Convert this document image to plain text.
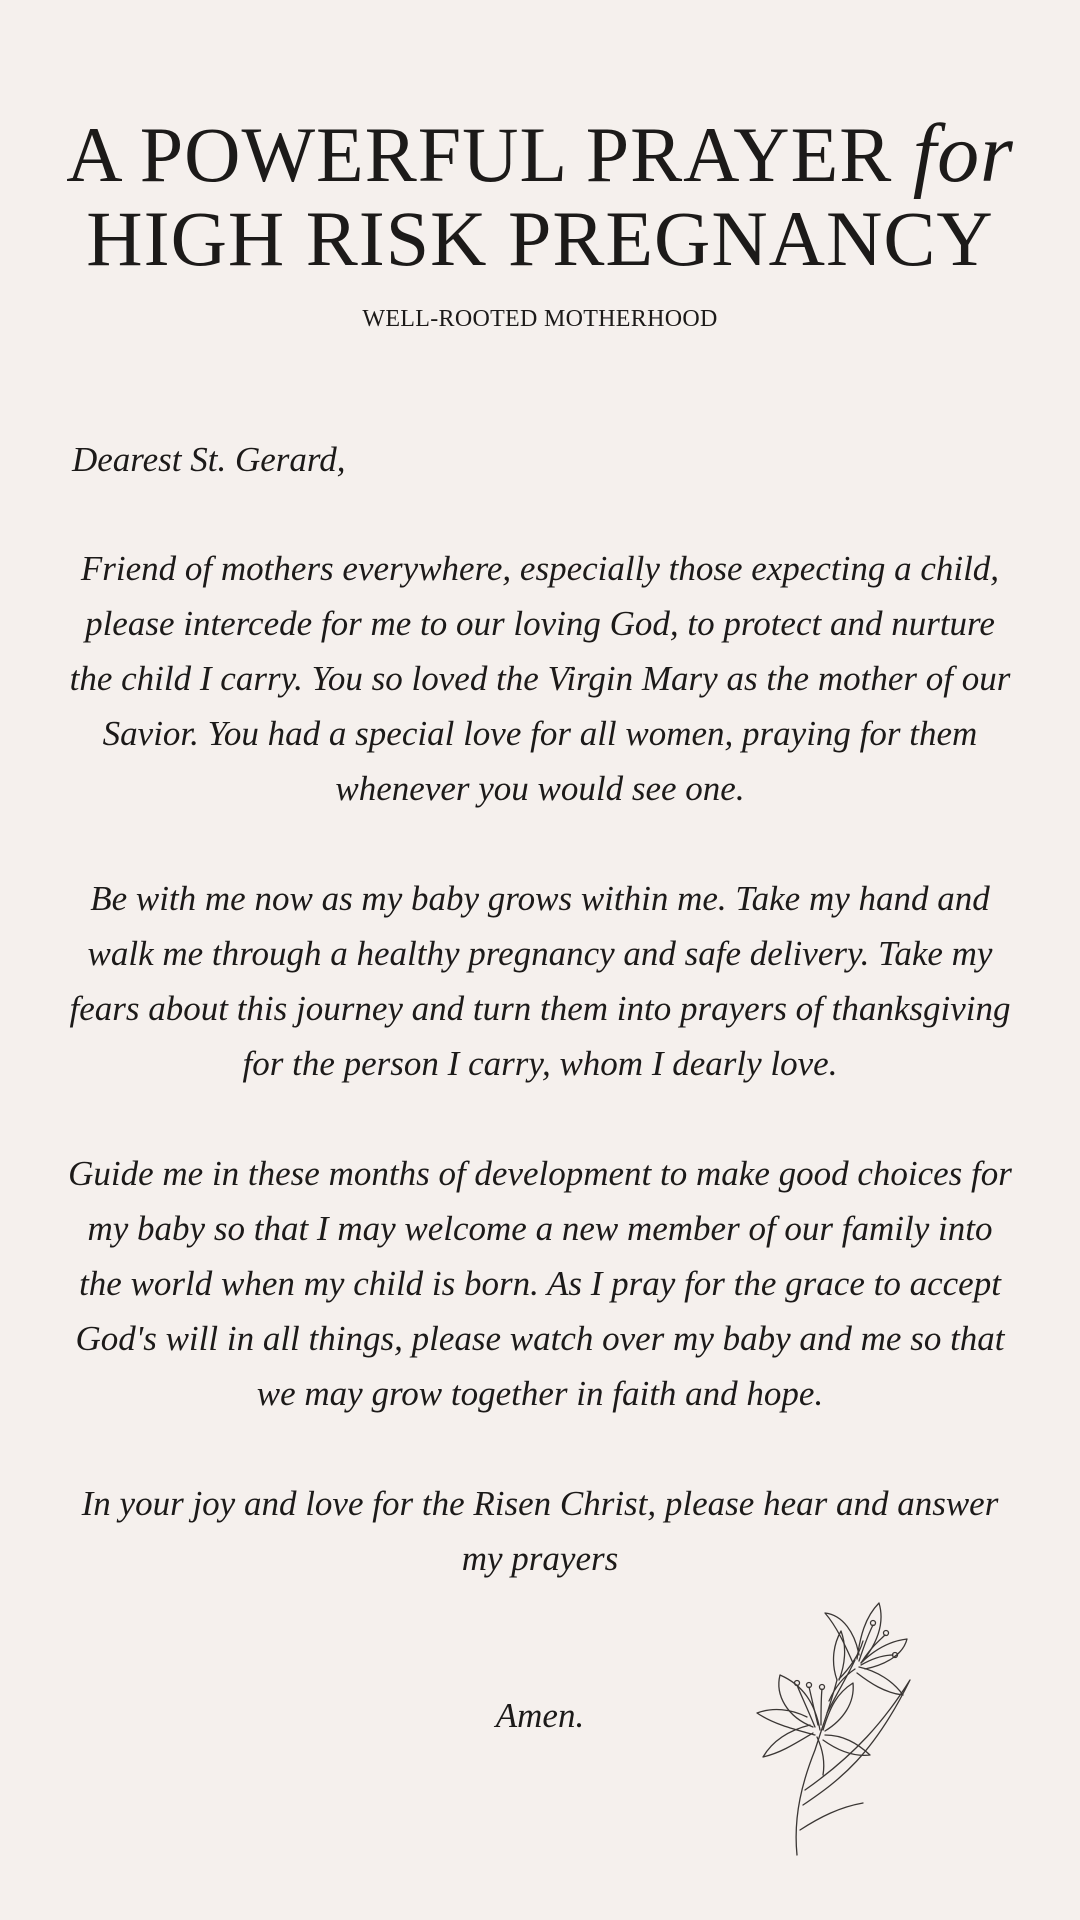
A POWERFUL PRAYER for
HIGH RISK PREGNANCY
WELL-ROOTED MOTHERHOOD

Dearest St. Gerard,

Friend of mothers everywhere, especially those expecting a child, please intercede for me to our loving God, to protect and nurture the child I carry. You so loved the Virgin Mary as the mother of our Savior. You had a special love for all women, praying for them whenever you would see one.

Be with me now as my baby grows within me. Take my hand and walk me through a healthy pregnancy and safe delivery. Take my fears about this journey and turn them into prayers of thanksgiving for the person I carry, whom I dearly love.

Guide me in these months of development to make good choices for my baby so that I may welcome a new member of our family into the world when my child is born. As I pray for the grace to accept God's will in all things, please watch over my baby and me so that we may grow together in faith and hope.

In your joy and love for the Risen Christ, please hear and answer my prayers

Amen.
